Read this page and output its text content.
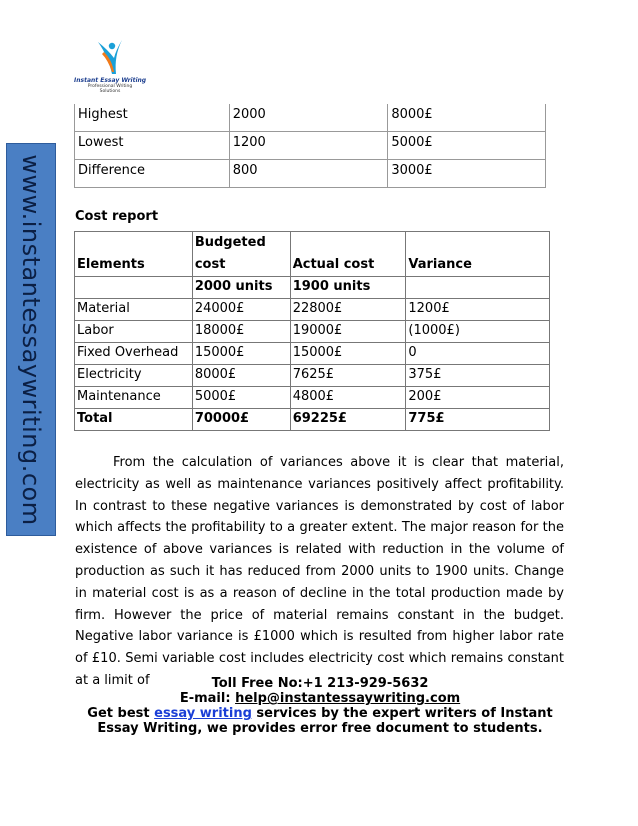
Instant Essay Writing
Professional Writing
Solutions
www.instantessaywriting.com
Highest	2000	8000£
Lowest	1200	5000£
Difference	800	3000£
Cost report
Elements	Budgeted cost	Actual cost	Variance
	2000 units	1900 units	
Material	24000£	22800£	1200£
Labor	18000£	19000£	(1000£)
Fixed Overhead	15000£	15000£	0
Electricity	8000£	7625£	375£
Maintenance	5000£	4800£	200£
Total	70000£	69225£	775£

From the calculation of variances above it is clear that material, electricity as well as maintenance variances positively affect profitability. In contrast to these negative variances is demonstrated by cost of labor which affects the profitability to a greater extent. The major reason for the existence of above variances is related with reduction in the volume of production as such it has reduced from 2000 units to 1900 units. Change in material cost is as a reason of decline in the total production made by firm. However the price of material remains constant in the budget. Negative labor variance is £1000 which is resulted from higher labor rate of £10. Semi variable cost includes electricity cost which remains constant at a limit of	Toll Free No:+1 213-929-5632
E-mail: help@instantessaywriting.com
Get best essay writing services by the expert writers of Instant Essay Writing, we provides error free document to students.
